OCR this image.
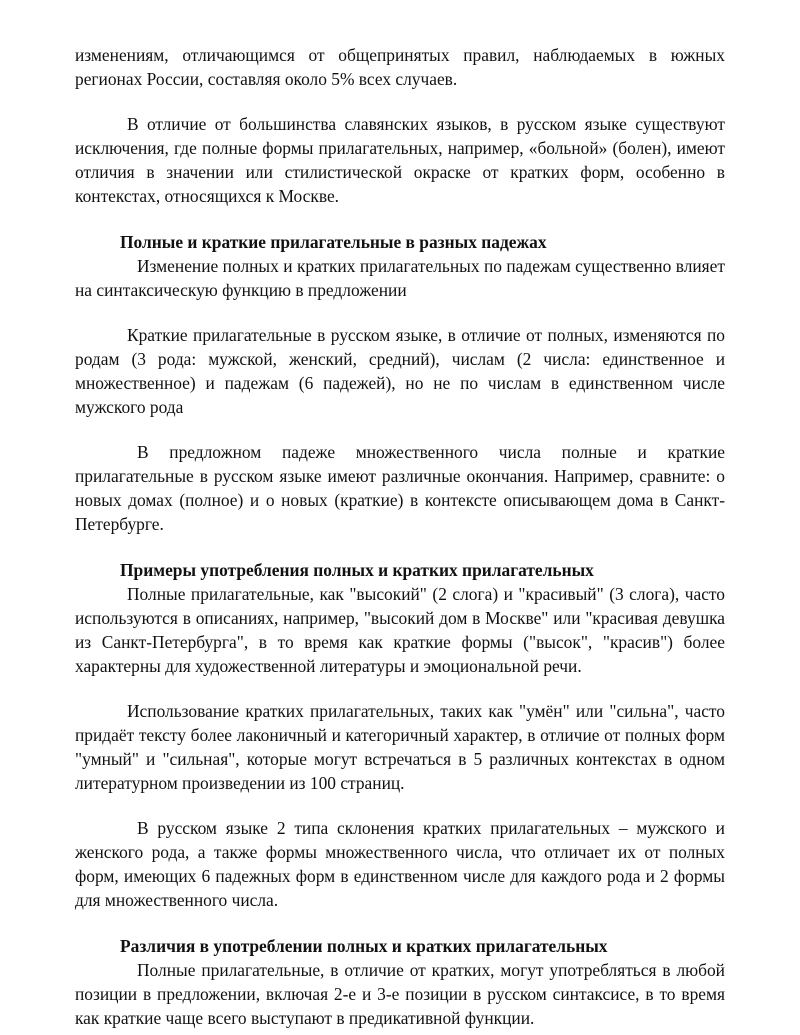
изменениям, отличающимся от общепринятых правил, наблюдаемых в южных регионах России, составляя около 5% всех случаев.

В отличие от большинства славянских языков, в русском языке существуют исключения, где полные формы прилагательных, например, «больной» (болен), имеют отличия в значении или стилистической окраске от кратких форм, особенно в контекстах, относящихся к Москве.

Полные и краткие прилагательные в разных падежах

Изменение полных и кратких прилагательных по падежам существенно влияет на синтаксическую функцию в предложении

Краткие прилагательные в русском языке, в отличие от полных, изменяются по родам (3 рода: мужской, женский, средний), числам (2 числа: единственное и множественное) и падежам (6 падежей), но не по числам в единственном числе мужского рода

В предложном падеже множественного числа полные и краткие прилагательные в русском языке имеют различные окончания. Например, сравните: о новых домах (полное) и о новых (краткие) в контексте описывающем дома в Санкт-Петербурге.

Примеры употребления полных и кратких прилагательных

Полные прилагательные, как "высокий" (2 слога) и "красивый" (3 слога), часто используются в описаниях, например, "высокий дом в Москве" или "красивая девушка из Санкт-Петербурга", в то время как краткие формы ("высок", "красив") более характерны для художественной литературы и эмоциональной речи.

Использование кратких прилагательных, таких как "умён" или "сильна", часто придаёт тексту более лаконичный и категоричный характер, в отличие от полных форм "умный" и "сильная", которые могут встречаться в 5 различных контекстах в одном литературном произведении из 100 страниц.

В русском языке 2 типа склонения кратких прилагательных – мужского и женского рода, а также формы множественного числа, что отличает их от полных форм, имеющих 6 падежных форм в единственном числе для каждого рода и 2 формы для множественного числа.

Различия в употреблении полных и кратких прилагательных

Полные прилагательные, в отличие от кратких, могут употребляться в любой позиции в предложении, включая 2-е и 3-е позиции в русском синтаксисе, в то время как краткие чаще всего выступают в предикативной функции.
